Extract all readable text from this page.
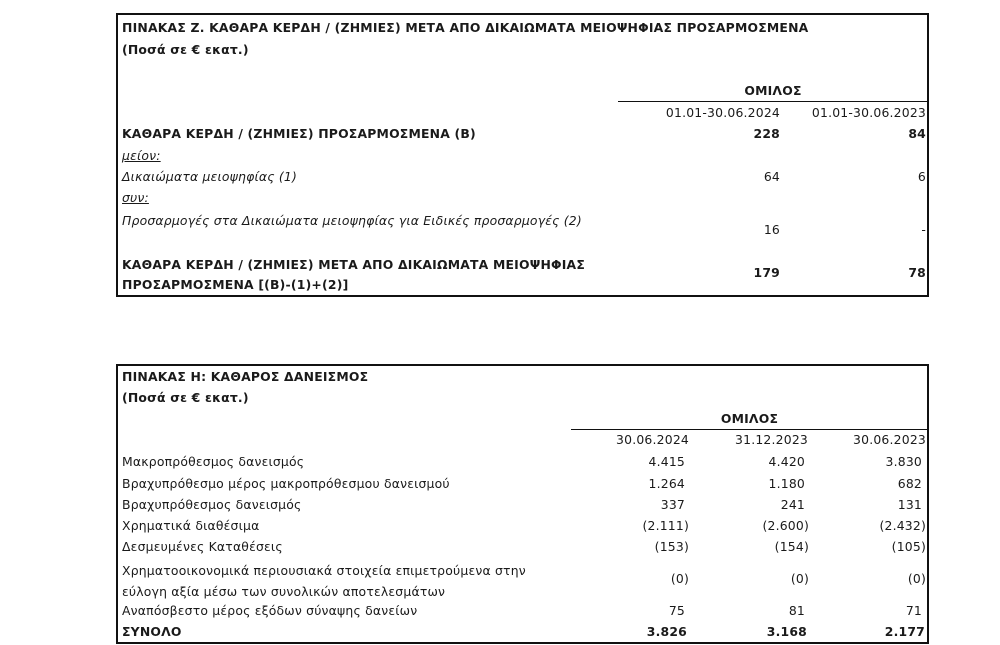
ΠΙΝΑΚΑΣ Ζ. ΚΑΘΑΡΑ ΚΕΡΔΗ / (ΖΗΜΙΕΣ) ΜΕΤΑ ΑΠΟ ΔΙΚΑΙΩΜΑΤΑ ΜΕΙΟΨΗΦΙΑΣ ΠΡΟΣΑΡΜΟΣΜΕΝΑ
(Ποσά σε € εκατ.)
ΟΜΙΛΟΣ
01.01-30.06.2024	01.01-30.06.2023
ΚΑΘΑΡΑ ΚΕΡΔΗ / (ΖΗΜΙΕΣ) ΠΡΟΣΑΡΜΟΣΜΕΝΑ (Β)	228	84
μείον:
Δικαιώματα μειοψηφίας (1)	64	6
συν:
Προσαρμογές στα Δικαιώματα μειοψηφίας για Ειδικές προσαρμογές (2)
16	-
ΚΑΘΑΡΑ ΚΕΡΔΗ / (ΖΗΜΙΕΣ) ΜΕΤΑ ΑΠΟ ΔΙΚΑΙΩΜΑΤΑ ΜΕΙΟΨΗΦΙΑΣ ΠΡΟΣΑΡΜΟΣΜΕΝΑ [(Β)-(1)+(2)]
179	78
ΠΙΝΑΚΑΣ Η: ΚΑΘΑΡΟΣ ΔΑΝΕΙΣΜΟΣ
(Ποσά σε € εκατ.)
ΟΜΙΛΟΣ
30.06.2024	31.12.2023	30.06.2023
Μακροπρόθεσμος δανεισμός	4.415	4.420	3.830
Βραχυπρόθεσμο μέρος μακροπρόθεσμου δανεισμού	1.264	1.180	682
Βραχυπρόθεσμος δανεισμός	337	241	131
Χρηματικά διαθέσιμα	(2.111)	(2.600)	(2.432)
Δεσμευμένες Καταθέσεις	(153)	(154)	(105)
Χρηματοοικονομικά περιουσιακά στοιχεία επιμετρούμενα στην εύλογη αξία μέσω των συνολικών αποτελεσμάτων
(0)	(0)	(0)
Αναπόσβεστο μέρος εξόδων σύναψης δανείων	75	81	71
ΣΥΝΟΛΟ	3.826	3.168	2.177
